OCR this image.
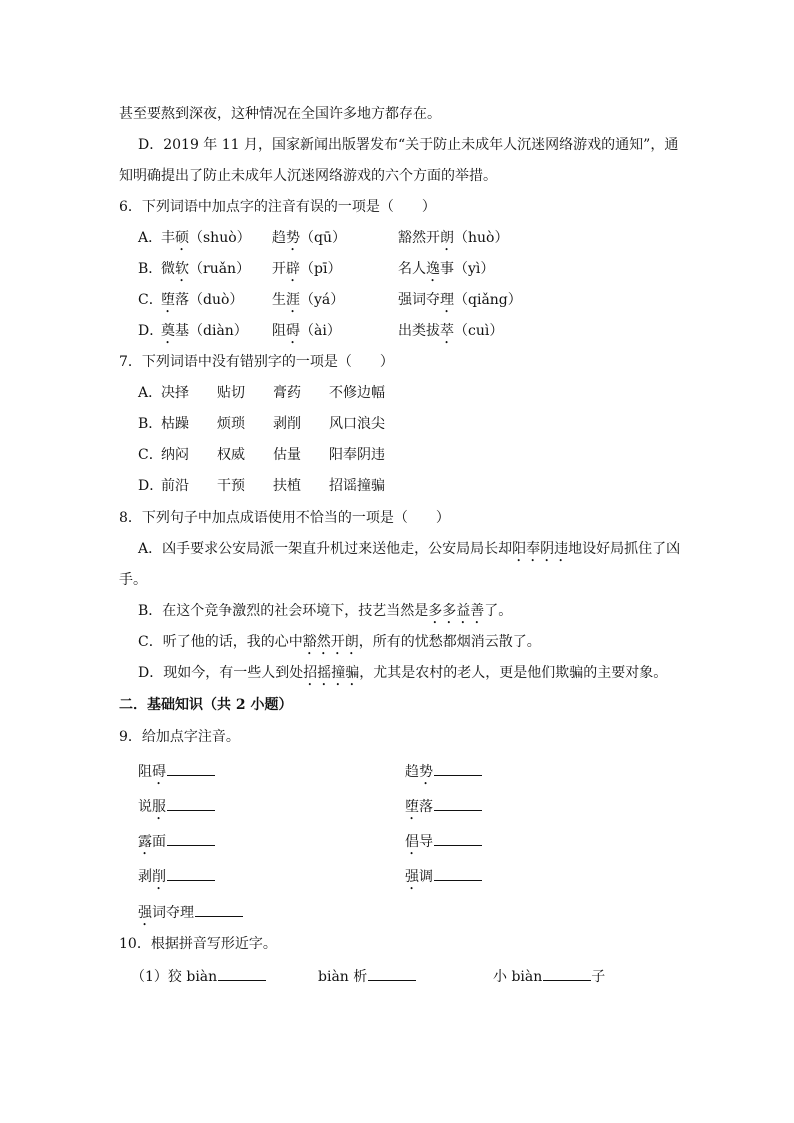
甚至要熬到深夜，这种情况在全国许多地方都存在。
D．2019 年 11 月，国家新闻出版署发布“关于防止未成年人沉迷网络游戏的通知”，通
知明确提出了防止未成年人沉迷网络游戏的六个方面的举措。
6．下列词语中加点字的注音有误的一项是（　　）
A．
丰硕（shuò） 趋势（qū）	豁然开朗（huò）
B．
微软（ruǎn） 开辟（pī）	名人逸事（yì）
C．
堕落（duò） 生涯（yá）	强词夺理（qiǎng）
D．
奠基（diàn） 阻碍（ài）	出类拔萃（cuì）
7．下列词语中没有错别字的一项是（　　）
A．
决择 贴切 膏药 不修边幅
B．
枯躁 烦琐 剥削 风口浪尖
C．
纳闷 权威 估量 阳奉阴违
D．
前沿 干预 扶植 招谣撞骗
8．下列句子中加点成语使用不恰当的一项是（　　）
A．凶手要求公安局派一架直升机过来送他走，公安局局长却阳奉阴违地设好局抓住了凶
手。
B．在这个竞争激烈的社会环境下，技艺当然是多多益善了。
C．听了他的话，我的心中豁然开朗，所有的忧愁都烟消云散了。
D．现如今，有一些人到处招摇撞骗，尤其是农村的老人，更是他们欺骗的主要对象。
二．基础知识（共 2 小题）
9．给加点字注音。
阻碍	趋势
说服	堕落
露面	倡导
剥削	强调
强词夺理
10．根据拼音写形近字。
（1）狡 biàn	biàn 析	小 biàn	子
